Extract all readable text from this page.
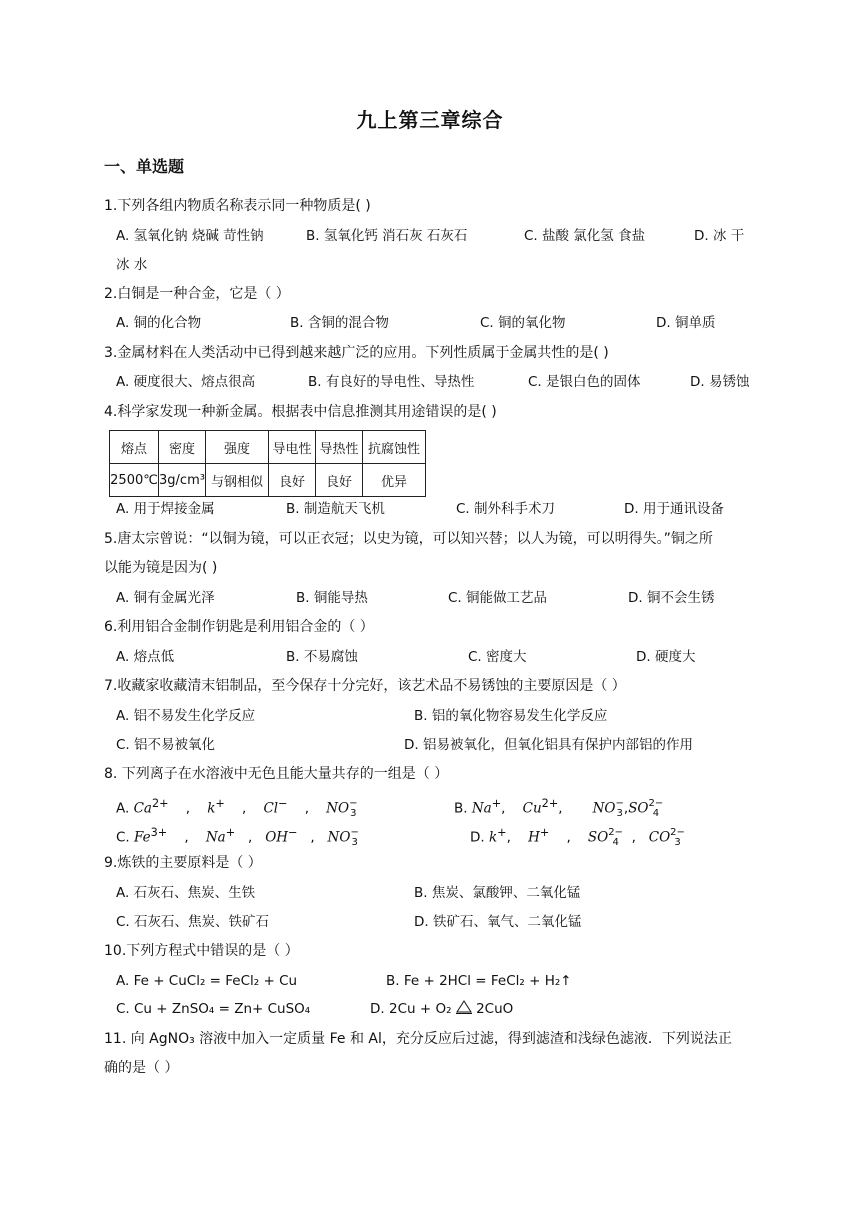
九上第三章综合
一、单选题
1.下列各组内物质名称表示同一种物质是( )
A. 氢氧化钠 烧碱 苛性钠	B. 氢氧化钙 消石灰 石灰石	C. 盐酸 氯化氢 食盐	D. 冰 干
冰 水
2.白铜是一种合金，它是（ ）
A. 铜的化合物	B. 含铜的混合物	C. 铜的氧化物	D. 铜单质
3.金属材料在人类活动中已得到越来越广泛的应用。下列性质属于金属共性的是( )
A. 硬度很大、熔点很高	B. 有良好的导电性、导热性	C. 是银白色的固体	D. 易锈蚀
4.科学家发现一种新金属。根据表中信息推测其用途错误的是( )
熔点	密度	强度	导电性	导热性	抗腐蚀性
2500℃	3g/cm³	与钢相似	良好	良好	优异
A. 用于焊接金属	B. 制造航天飞机	C. 制外科手术刀	D. 用于通讯设备
5.唐太宗曾说：“以铜为镜，可以正衣冠；以史为镜，可以知兴替；以人为镜，可以明得失。”铜之所
以能为镜是因为( )
A. 铜有金属光泽	B. 铜能导热	C. 铜能做工艺品	D. 铜不会生锈
6.利用铝合金制作钥匙是利用铝合金的（ ）
A. 熔点低	B. 不易腐蚀	C. 密度大	D. 硬度大
7.收藏家收藏清末铝制品，至今保存十分完好，该艺术品不易锈蚀的主要原因是（ ）
A. 铝不易发生化学反应	B. 铝的氧化物容易发生化学反应
C. 铝不易被氧化	D. 铝易被氧化，但氧化铝具有保护内部铝的作用
8. 下列离子在水溶液中无色且能大量共存的一组是（ ）
A. $Ca^{2+}$    ,    k+    ,    Cl−    ,    NO −
3	B. Na+,    $Cu^{2+}$,       NO −
3 ,SO 2−
4
C. $Fe^{3+}$    ,    Na+   ,   OH−   ,   NO −
3	D. k+,    H+    ,    SO 2−
4 ,   CO 2−
3
9.炼铁的主要原料是（ ）
A. 石灰石、焦炭、生铁	B. 焦炭、氯酸钾、二氧化锰
C. 石灰石、焦炭、铁矿石	D. 铁矿石、氧气、二氧化锰
10.下列方程式中错误的是（ ）
A. Fe + CuCl₂ = FeCl₂ + Cu	B. Fe + 2HCl = FeCl₂ + H₂↑
C. Cu + ZnSO₄ = Zn+ CuSO₄	D. 2Cu + O₂ 2CuO
11. 向 AgNO₃ 溶液中加入一定质量 Fe 和 Al，充分反应后过滤，得到滤渣和浅绿色滤液．下列说法正
确的是（ ）
